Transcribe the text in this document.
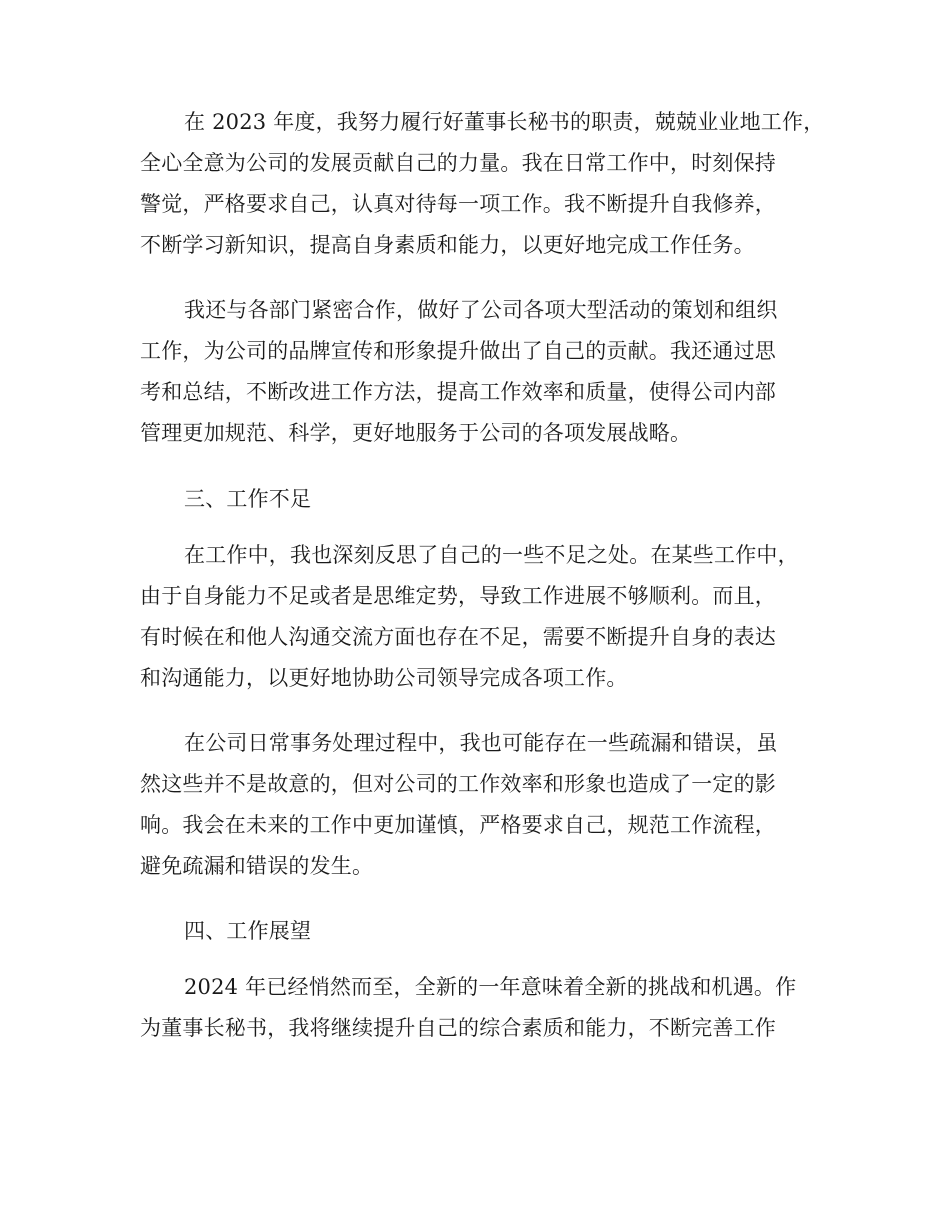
在 2023 年度，我努力履行好董事长秘书的职责，兢兢业业地工作，
全心全意为公司的发展贡献自己的力量。我在日常工作中，时刻保持
警觉，严格要求自己，认真对待每一项工作。我不断提升自我修养，
不断学习新知识，提高自身素质和能力，以更好地完成工作任务。
我还与各部门紧密合作，做好了公司各项大型活动的策划和组织
工作，为公司的品牌宣传和形象提升做出了自己的贡献。我还通过思
考和总结，不断改进工作方法，提高工作效率和质量，使得公司内部
管理更加规范、科学，更好地服务于公司的各项发展战略。
三、工作不足
在工作中，我也深刻反思了自己的一些不足之处。在某些工作中，
由于自身能力不足或者是思维定势，导致工作进展不够顺利。而且，
有时候在和他人沟通交流方面也存在不足，需要不断提升自身的表达
和沟通能力，以更好地协助公司领导完成各项工作。
在公司日常事务处理过程中，我也可能存在一些疏漏和错误，虽
然这些并不是故意的，但对公司的工作效率和形象也造成了一定的影
响。我会在未来的工作中更加谨慎，严格要求自己，规范工作流程，
避免疏漏和错误的发生。
四、工作展望
2024 年已经悄然而至，全新的一年意味着全新的挑战和机遇。作
为董事长秘书，我将继续提升自己的综合素质和能力，不断完善工作
